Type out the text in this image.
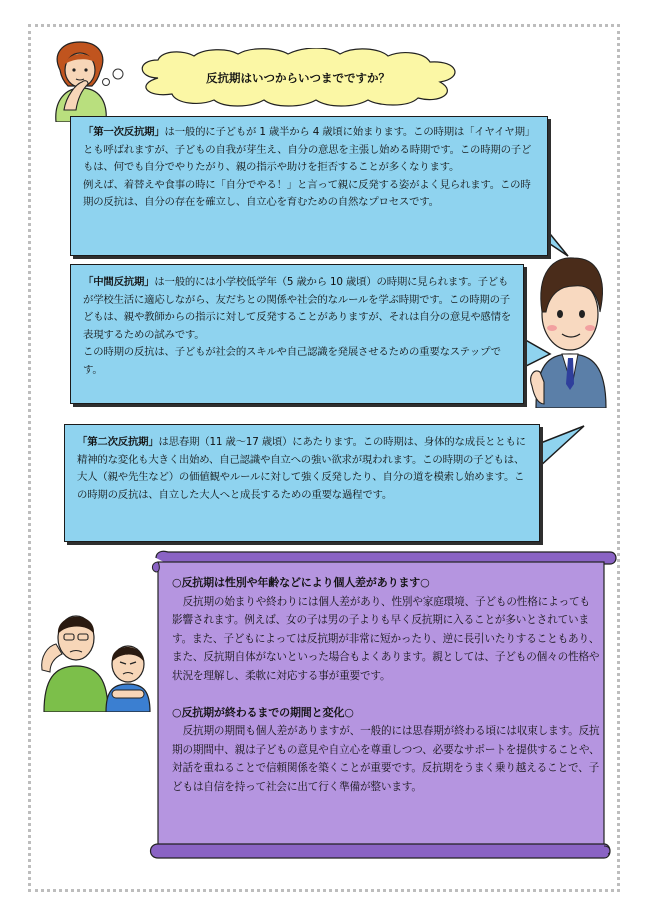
反抗期はいつからいつまでですか？

「第一次反抗期」は一般的に子どもが 1 歳半から 4 歳頃に始まります。この時期は「イヤイヤ期」とも呼ばれますが、子どもの自我が芽生え、自分の意思を主張し始める時期です。この時期の子どもは、何でも自分でやりたがり、親の指示や助けを拒否することが多くなります。

例えば、着替えや食事の時に「自分でやる！」と言って親に反発する姿がよく見られます。この時期の反抗は、自分の存在を確立し、自立心を育むための自然なプロセスです。

「中間反抗期」は一般的には小学校低学年（5 歳から 10 歳頃）の時期に見られます。子どもが学校生活に適応しながら、友だちとの関係や社会的なルールを学ぶ時期です。この時期の子どもは、親や教師からの指示に対して反発することがありますが、それは自分の意見や感情を表現するための試みです。

この時期の反抗は、子どもが社会的スキルや自己認識を発展させるための重要なステップです。

「第二次反抗期」は思春期（11 歳～17 歳頃）にあたります。この時期は、身体的な成長とともに精神的な変化も大きく出始め、自己認識や自立への強い欲求が現われます。この時期の子どもは、大人（親や先生など）の価値観やルールに対して強く反発したり、自分の道を模索し始めます。この時期の反抗は、自立した大人へと成長するための重要な過程です。

○反抗期は性別や年齢などにより個人差があります○

反抗期の始まりや終わりには個人差があり、性別や家庭環境、子どもの性格によっても影響されます。例えば、女の子は男の子よりも早く反抗期に入ることが多いとされています。また、子どもによっては反抗期が非常に短かったり、逆に長引いたりすることもあり、また、反抗期自体がないといった場合もよくあります。親としては、子どもの個々の性格や状況を理解し、柔軟に対応する事が重要です。

○反抗期が終わるまでの期間と変化○

反抗期の期間も個人差がありますが、一般的には思春期が終わる頃には収束します。反抗期の期間中、親は子どもの意見や自立心を尊重しつつ、必要なサポートを提供することや、対話を重ねることで信頼関係を築くことが重要です。反抗期をうまく乗り越えることで、子どもは自信を持って社会に出て行く準備が整います。
